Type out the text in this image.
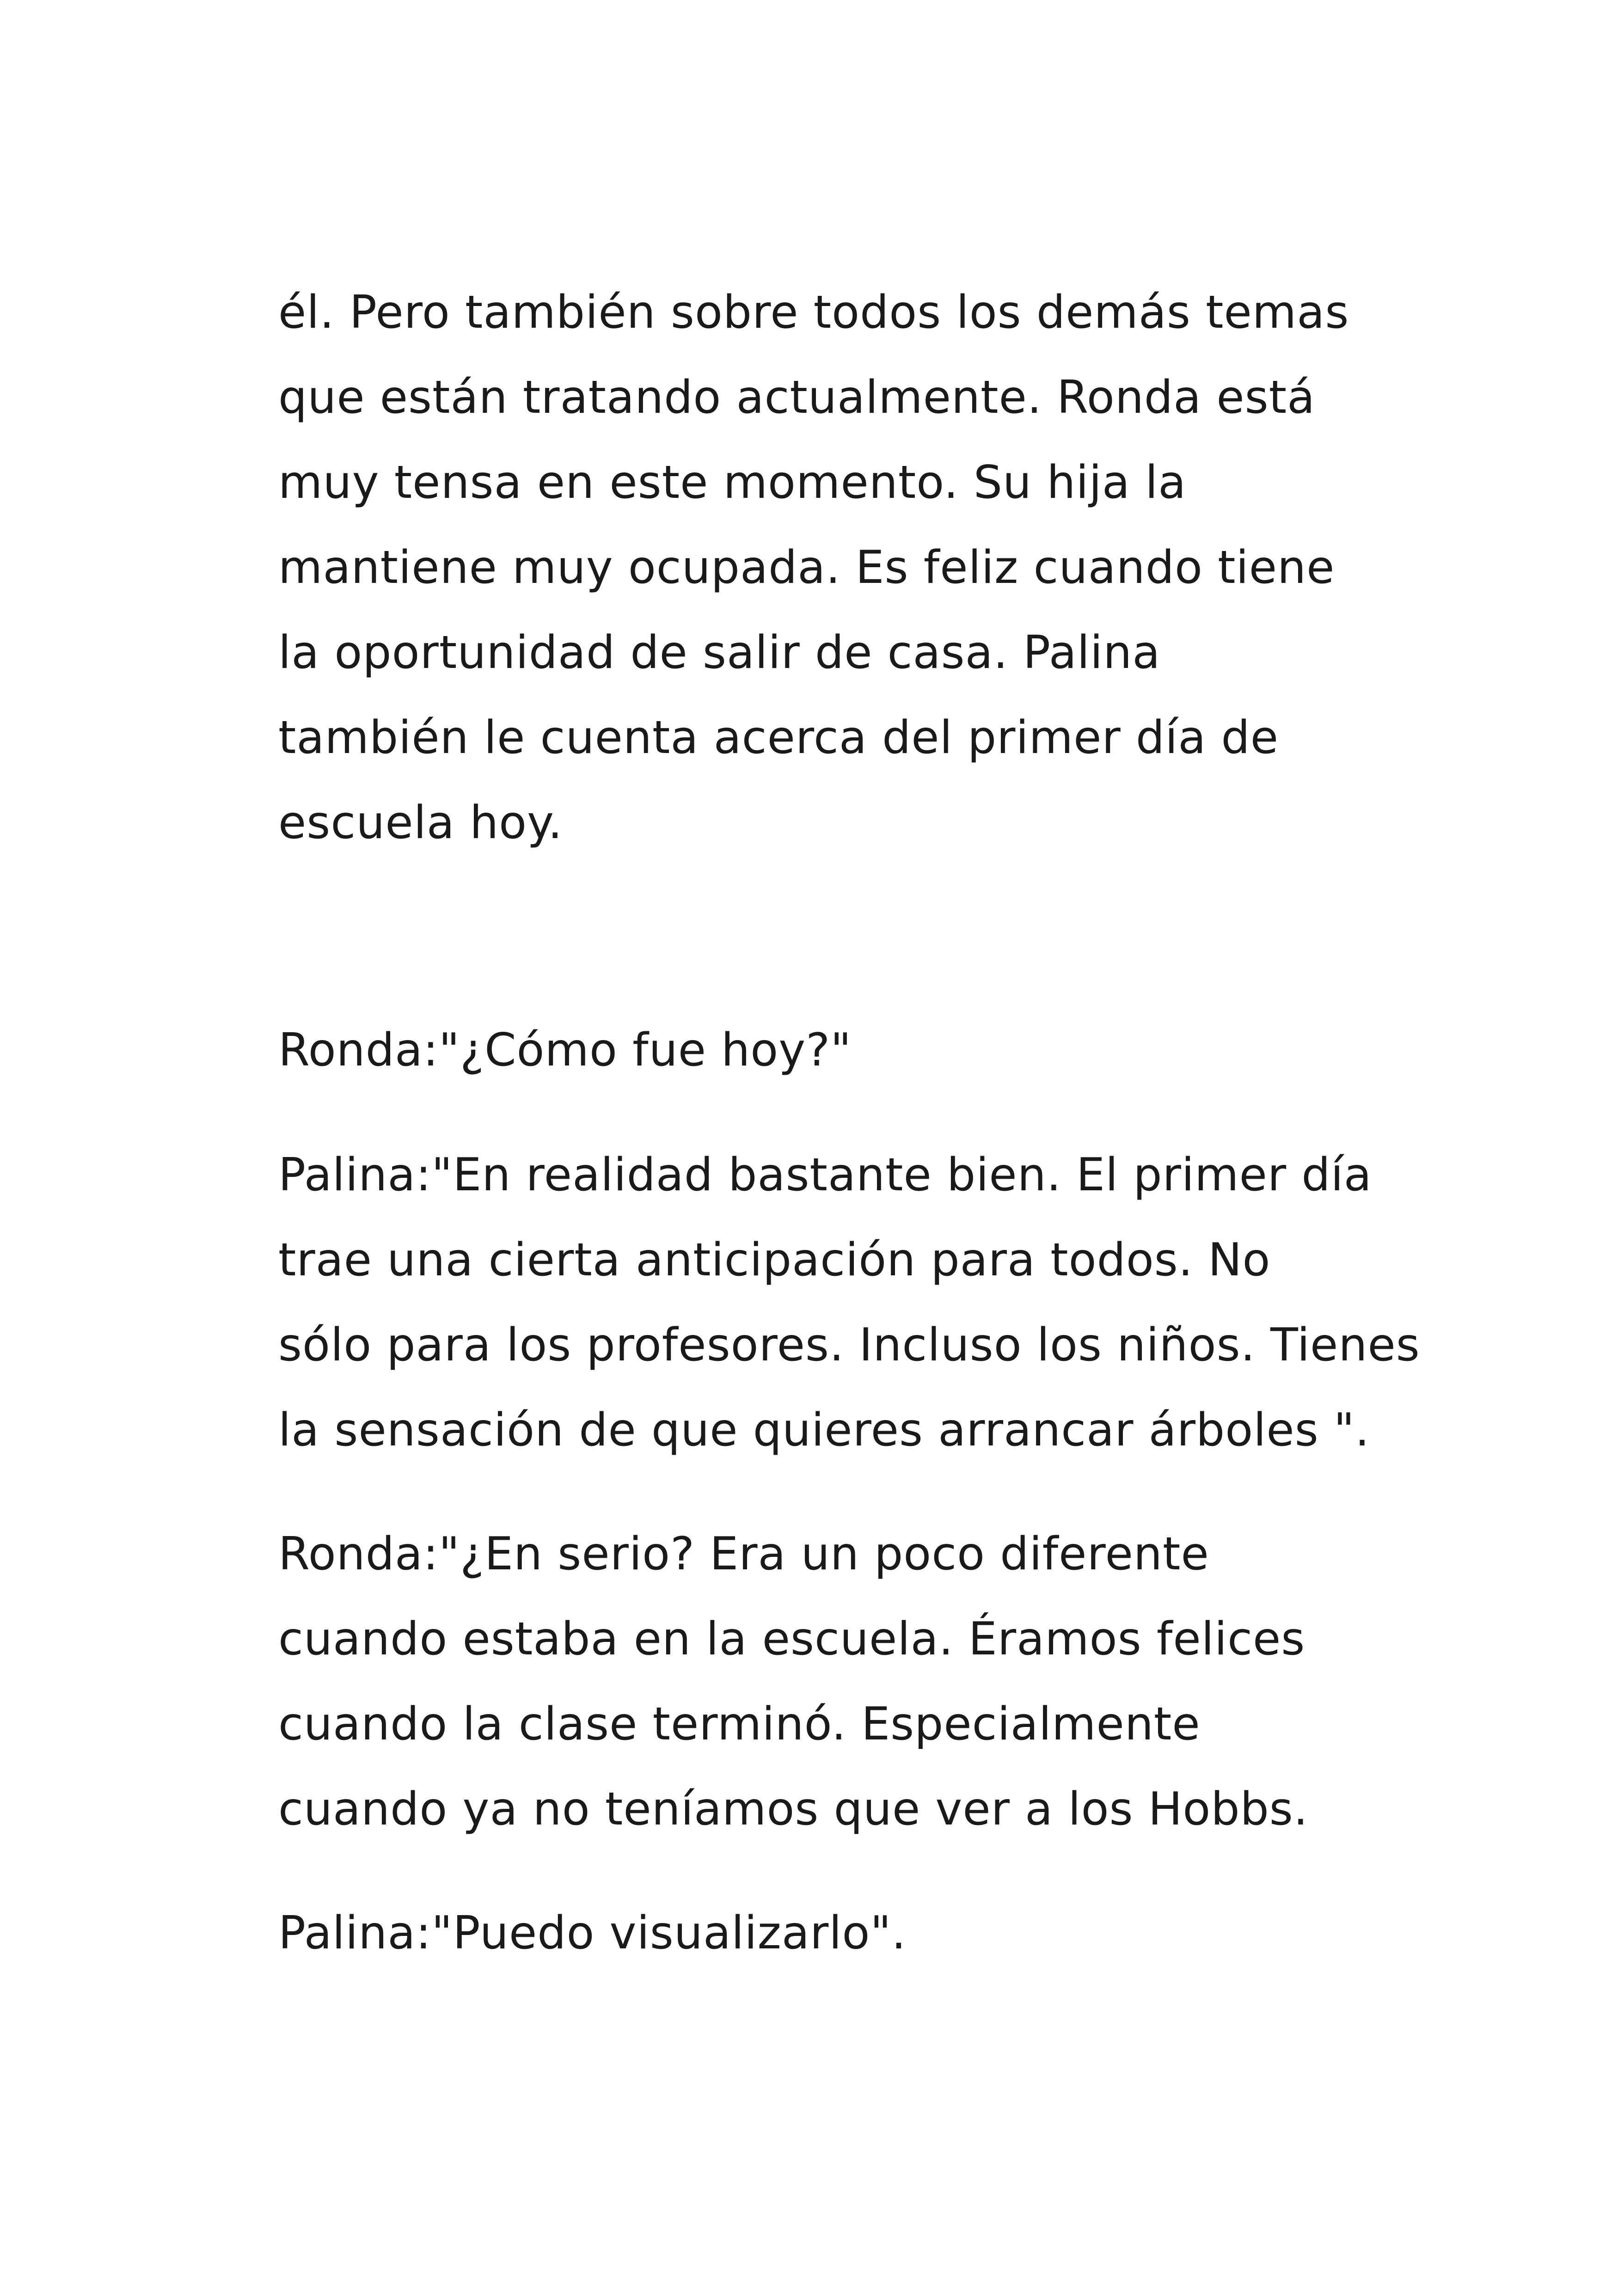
él. Pero también sobre todos los demás temas

que están tratando actualmente. Ronda está

muy tensa en este momento. Su hija la

mantiene muy ocupada. Es feliz cuando tiene

la oportunidad de salir de casa. Palina

también le cuenta acerca del primer día de

escuela hoy.

Ronda:"¿Cómo fue hoy?"

Palina:"En realidad bastante bien. El primer día

trae una cierta anticipación para todos. No

sólo para los profesores. Incluso los niños. Tienes

la sensación de que quieres arrancar árboles ".

Ronda:"¿En serio? Era un poco diferente

cuando estaba en la escuela. Éramos felices

cuando la clase terminó. Especialmente

cuando ya no teníamos que ver a los Hobbs.

Palina:"Puedo visualizarlo".
